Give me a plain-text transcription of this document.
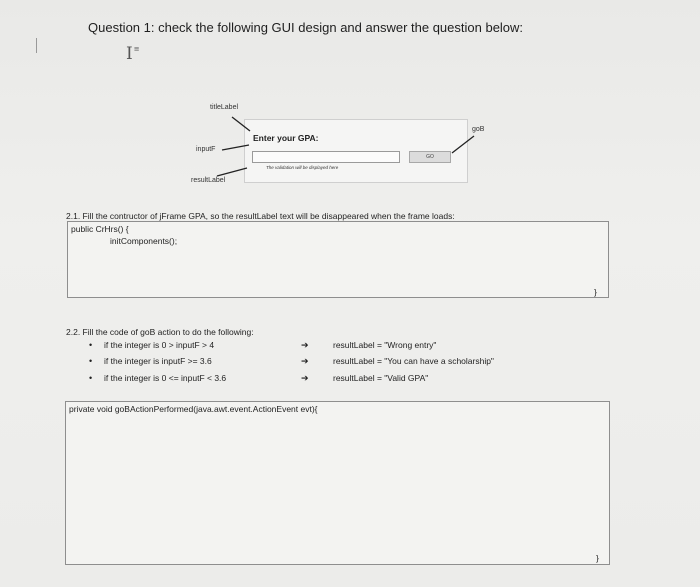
Question 1: check the following GUI design and answer the question below:
I≡
Enter your GPA:
GO
The validation will be displayed here
titleLabel
inputF
resultLabel
goB
2.1. Fill the contructor of jFrame GPA, so the resultLabel text will be disappeared when the frame loads:
public CrHrs() {
initComponents();
}
2.2. Fill the code of goB action to do the following:
• if the integer is 0 > inputF > 4	➔	resultLabel = "Wrong entry"
• if the integer is inputF >= 3.6	➔	resultLabel = "You can have a scholarship"
• if the integer is 0 <= inputF < 3.6	➔	resultLabel = "Valid GPA"
private void goBActionPerformed(java.awt.event.ActionEvent evt){
}
